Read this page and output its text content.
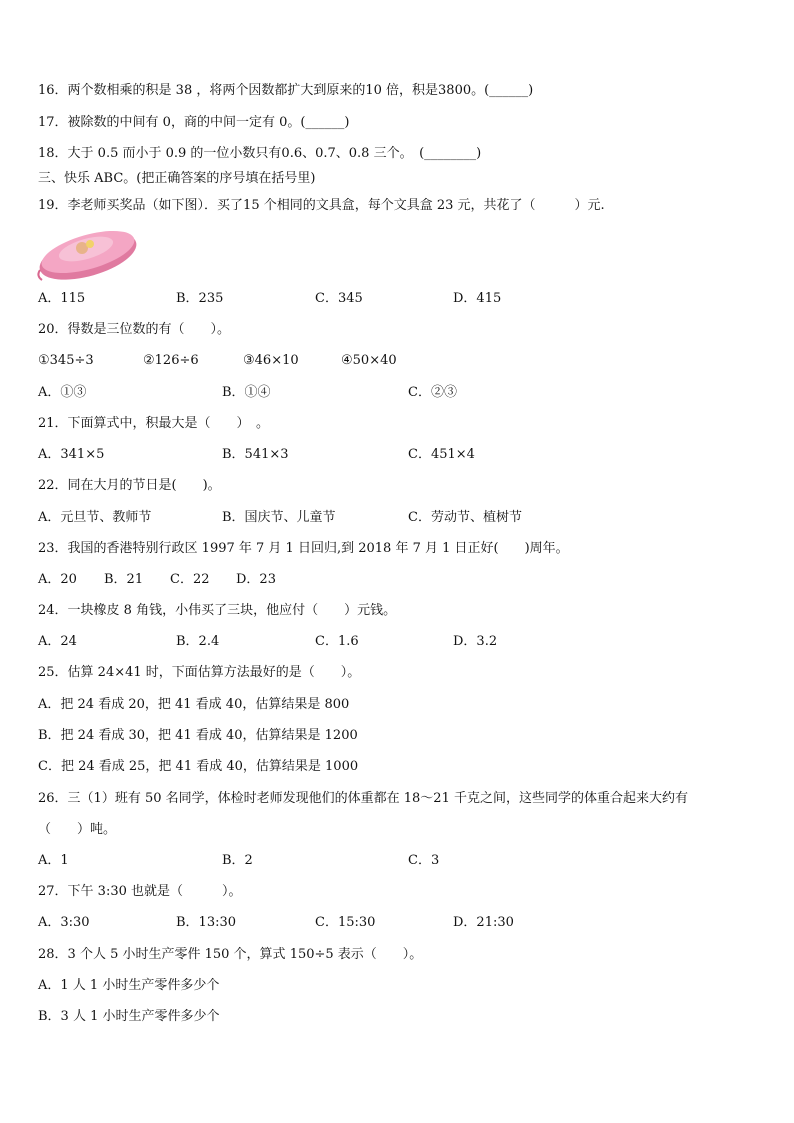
16．两个数相乘的积是 38 ，将两个因数都扩大到原来的10 倍，积是3800。(______)
17．被除数的中间有 0，商的中间一定有 0。(______)
18．大于 0.5 而小于 0.9 的一位小数只有0.6、0.7、0.8 三个。　(________)
三、快乐 ABC。(把正确答案的序号填在括号里)
19．李老师买奖品（如下图）．买了15 个相同的文具盒，每个文具盒 23 元，共花了（　　　）元.
A．115	B．235	C．345	D．415
20．得数是三位数的有（　　）。
①345÷3	②126÷6	③46×10	④50×40
A．①③	B．①④	C．②③
21．下面算式中，积最大是（　　）　。
A．341×5	B．541×3	C．451×4
22．同在大月的节日是(　　)。
A．元旦节、教师节	B．国庆节、儿童节	C．劳动节、植树节
23．我国的香港特别行政区 1997 年 7 月 1 日回归,到 2018 年 7 月 1 日正好(　　)周年。
A．20 B．21 C．22 D．23
24．一块橡皮 8 角钱，小伟买了三块，他应付（　　）元钱。
A．24	B．2.4	C．1.6	D．3.2
25．估算 24×41 时，下面估算方法最好的是（　　）。
A．把 24 看成 20，把 41 看成 40，估算结果是 800
B．把 24 看成 30，把 41 看成 40，估算结果是 1200
C．把 24 看成 25，把 41 看成 40，估算结果是 1000
26．三（1）班有 50 名同学，体检时老师发现他们的体重都在 18～21 千克之间，这些同学的体重合起来大约有
（　　）吨。
A．1	B．2	C．3
27．下午 3:30 也就是（　　　）。
A．3:30	B．13:30	C．15:30	D．21:30
28．3 个人 5 小时生产零件 150 个，算式 150÷5 表示（　　）。
A．1 人 1 小时生产零件多少个
B．3 人 1 小时生产零件多少个
